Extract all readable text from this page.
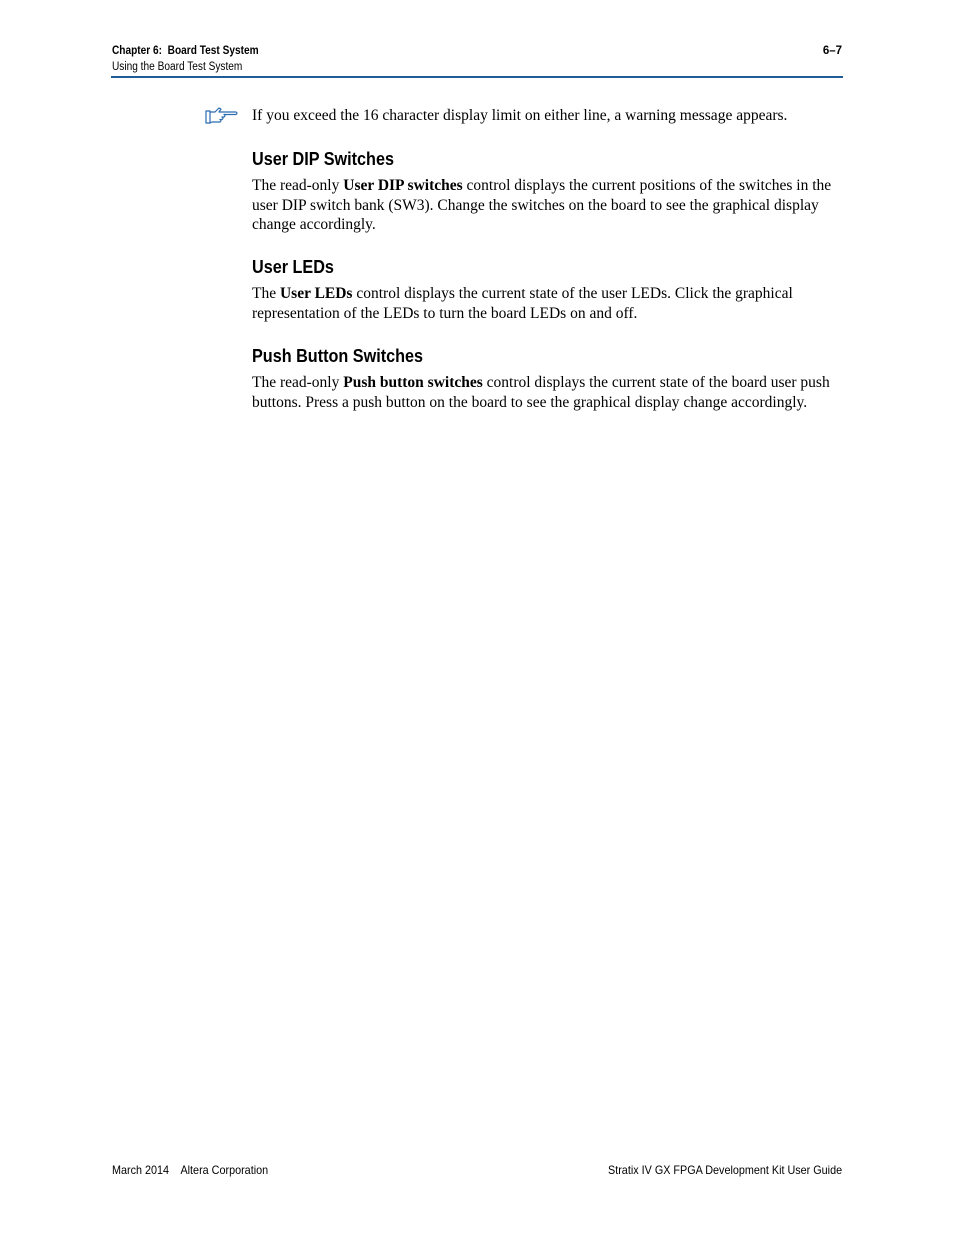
Chapter 6:  Board Test System
Using the Board Test System
6–7
If you exceed the 16 character display limit on either line, a warning message appears.
User DIP Switches

The read-only User DIP switches control displays the current positions of the switches in the user DIP switch bank (SW3). Change the switches on the board to see the graphical display change accordingly.

User LEDs

The User LEDs control displays the current state of the user LEDs. Click the graphical representation of the LEDs to turn the board LEDs on and off.

Push Button Switches

The read-only Push button switches control displays the current state of the board user push buttons. Press a push button on the board to see the graphical display change accordingly.

March 2014 Altera Corporation	Stratix IV GX FPGA Development Kit User Guide
